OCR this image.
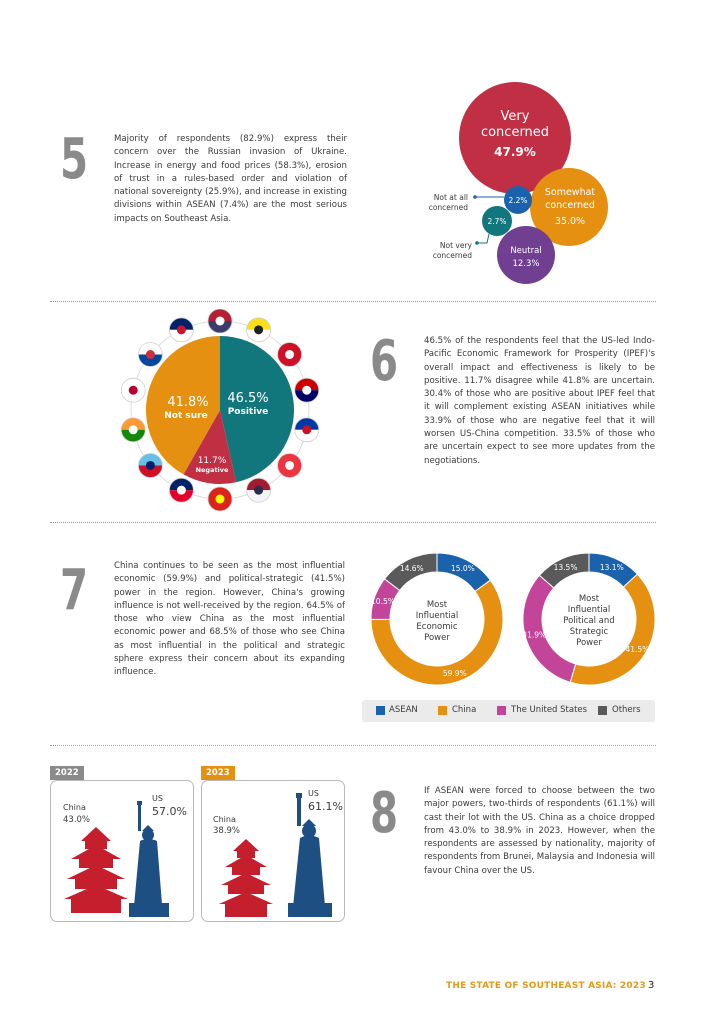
5	Majority of respondents (82.9%) express their concern over the Russian invasion of Ukraine. Increase in energy and food prices (58.3%), erosion of trust in a rules-based order and violation of national sovereignty (25.9%), and increase in existing divisions within ASEAN (7.4%) are the most serious impacts on Southeast Asia.

Very
concerned
47.9%
Somewhat
concerned
35.0%
Neutral
12.3%
2.2%
2.7%
Not at all
concerned
Not very
concerned
46.5%
Positive
41.8%
Not sure
11.7%
Negative
6	46.5% of the respondents feel that the US-led Indo-Pacific Economic Framework for Prosperity (IPEF)'s overall impact and effectiveness is likely to be positive. 11.7% disagree while 41.8% are uncertain. 30.4% of those who are positive about IPEF feel that it will complement existing ASEAN initiatives while 33.9% of those who are negative feel that it will worsen US-China competition. 33.5% of those who are uncertain expect to see more updates from the negotiations.

7	China continues to be seen as the most influential economic (59.9%) and political-strategic (41.5%) power in the region. However, China's growing influence is not well-received by the region. 64.5% of those who view China as the most influential economic power and 68.5% of those who see China as most influential in the political and strategic sphere express their concern about its expanding influence.

Most
Influential
Economic
Power
Most
Influential
Political and
Strategic
Power
15.0%
59.9%
10.5%
14.6%	13.1%
41.5%
31.9%
13.5%
ASEAN	China	The United States	Others
2022
China
43.0%
US
57.0%
2023
China
38.9%
US
61.1% 8	If ASEAN were forced to choose between the two major powers, two-thirds of respondents (61.1%) will cast their lot with the US. China as a choice dropped from 43.0% to 38.9% in 2023. However, when the respondents are assessed by nationality, majority of respondents from Brunei, Malaysia and Indonesia will favour China over the US.

THE STATE OF SOUTHEAST ASIA: 2023 3
